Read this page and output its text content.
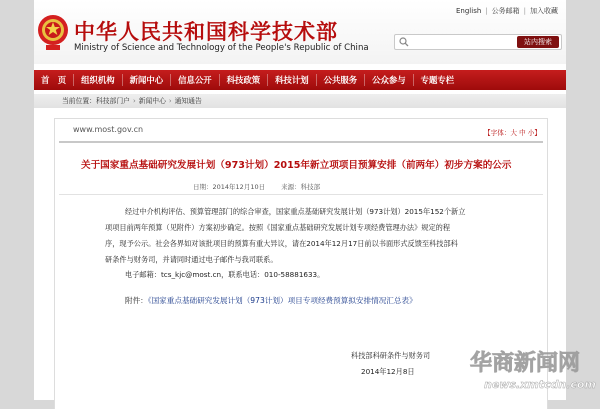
中华人民共和国科学技术部
Ministry of Science and Technology of the People's Republic of China
English | 公务邮箱 | 加入收藏
站内搜索
首　页	组织机构	新闻中心	信息公开	科技政策	科技计划	公共服务	公众参与	专题专栏
当前位置：科技部门户 › 新闻中心 › 通知通告
www.most.gov.cn	【字体：大 中 小】
关于国家重点基础研究发展计划（973计划）2015年新立项项目预算安排（前两年）初步方案的公示
日期：2014年12月10日 来源：科技部
经过中介机构评估、预算管理部门的综合审查，国家重点基础研究发展计划（973计划）2015年152个新立
项项目前两年预算（见附件）方案初步确定。按照《国家重点基础研究发展计划专项经费管理办法》规定的程
序，现予公示。社会各界如对该批项目的预算有重大异议，请在2014年12月17日前以书面形式反馈至科技部科
研条件与财务司，并请同时通过电子邮件与我司联系。
电子邮箱：tcs_kjc@most.cn，联系电话：010-58881633。
附件：《国家重点基础研究发展计划（973计划）项目专项经费预算拟安排情况汇总表》
科技部科研条件与财务司
2014年12月8日	华商新闻网
news.xmtcdn.com
